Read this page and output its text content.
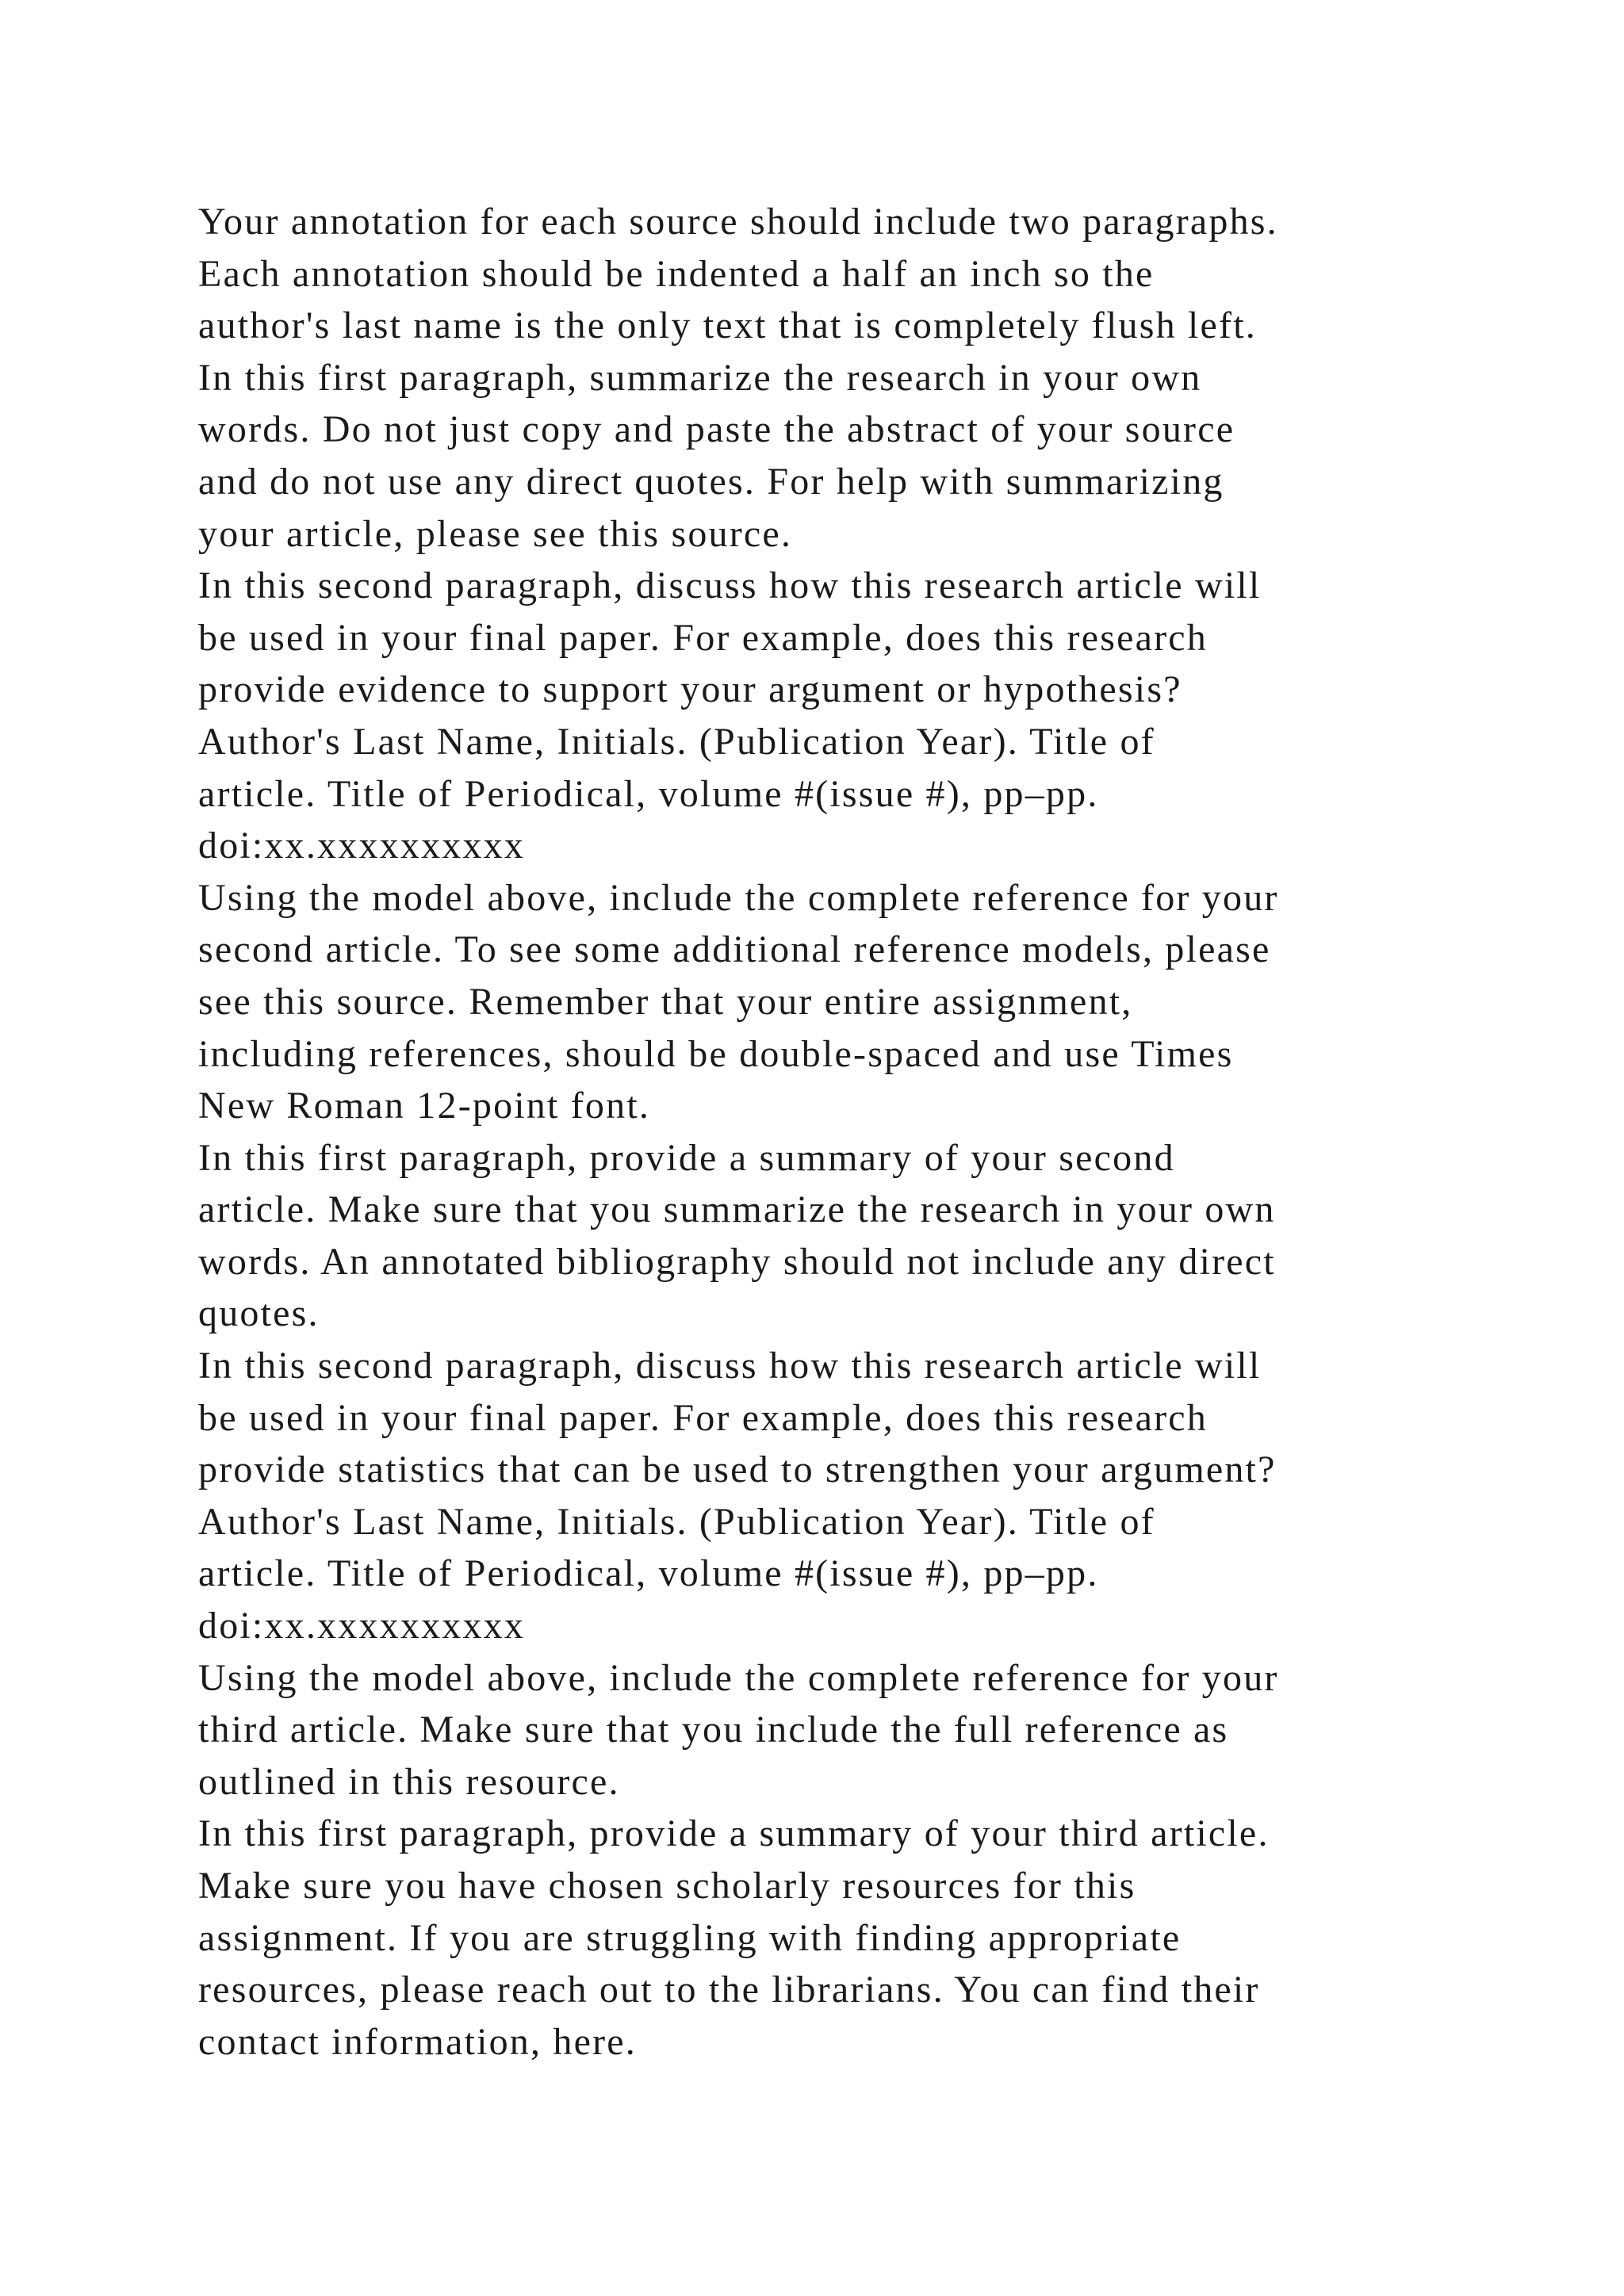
Your annotation for each source should include two paragraphs.
Each annotation should be indented a half an inch so the
author's last name is the only text that is completely flush left.
In this first paragraph, summarize the research in your own
words. Do not just copy and paste the abstract of your source
and do not use any direct quotes. For help with summarizing
your article, please see this source.
In this second paragraph, discuss how this research article will
be used in your final paper. For example, does this research
provide evidence to support your argument or hypothesis?
Author's Last Name, Initials. (Publication Year). Title of
article. Title of Periodical, volume #(issue #), pp–pp.
doi:xx.xxxxxxxxxx
Using the model above, include the complete reference for your
second article. To see some additional reference models, please
see this source. Remember that your entire assignment,
including references, should be double-spaced and use Times
New Roman 12-point font.
In this first paragraph, provide a summary of your second
article. Make sure that you summarize the research in your own
words. An annotated bibliography should not include any direct
quotes.
In this second paragraph, discuss how this research article will
be used in your final paper. For example, does this research
provide statistics that can be used to strengthen your argument?
Author's Last Name, Initials. (Publication Year). Title of
article. Title of Periodical, volume #(issue #), pp–pp.
doi:xx.xxxxxxxxxx
Using the model above, include the complete reference for your
third article. Make sure that you include the full reference as
outlined in this resource.
In this first paragraph, provide a summary of your third article.
Make sure you have chosen scholarly resources for this
assignment. If you are struggling with finding appropriate
resources, please reach out to the librarians. You can find their
contact information, here.
